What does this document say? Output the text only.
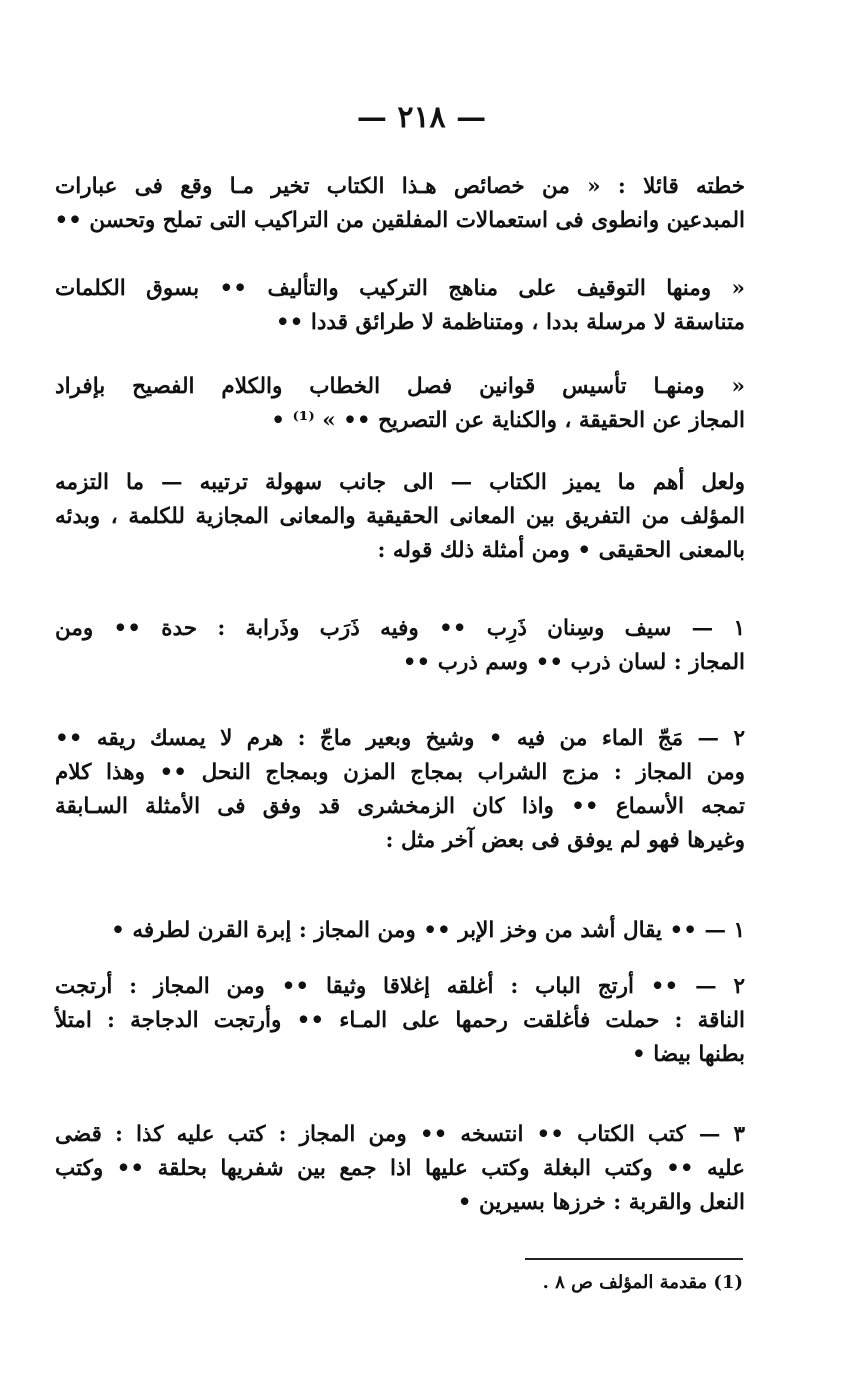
— ٢١٨ —
خطته قائلا : « من خصائص هـذا الكتاب تخير مـا وقع فى عبارات
المبدعين وانطوى فى استعمالات المفلقين من التراكيب التى تملح وتحسن ••
« ومنها التوقيف على مناهج التركيب والتأليف •• بسوق الكلمات
متناسقة لا مرسلة بددا ، ومتناظمة لا طرائق قددا ••
« ومنهـا تأسيس قوانين فصل الخطاب والكلام الفصيح بإفراد
المجاز عن الحقيقة ، والكناية عن التصريح •• » ⁽¹⁾ •
ولعل أهم ما يميز الكتاب — الى جانب سهولة ترتيبه — ما التزمه
المؤلف من التفريق بين المعانى الحقيقية والمعانى المجازية للكلمة ، وبدئه
بالمعنى الحقيقى • ومن أمثلة ذلك قوله :
١ — سيف وسِنان ذَرِب •• وفيه ذَرَب وذَرابة : حدة •• ومن
المجاز : لسان ذرب •• وسم ذرب ••
٢ — مَجّ الماء من فيه • وشيخ وبعير ماجّ : هرم لا يمسك ريقه ••
ومن المجاز : مزج الشراب بمجاج المزن وبمجاج النحل •• وهذا كلام
تمجه الأسماع •• واذا كان الزمخشرى قد وفق فى الأمثلة السـابقة
وغيرها فهو لم يوفق فى بعض آخر مثل :
١ — •• يقال أشد من وخز الإبر •• ومن المجاز : إبرة القرن لطرفه •
٢ — •• أرتج الباب : أغلقه إغلاقا وثيقا •• ومن المجاز : أرتجت
الناقة : حملت فأغلقت رحمها على المـاء •• وأرتجت الدجاجة : امتلأ
بطنها بيضا •
٣ — كتب الكتاب •• انتسخه •• ومن المجاز : كتب عليه كذا : قضى
عليه •• وكتب البغلة وكتب عليها اذا جمع بين شفريها بحلقة •• وكتب
النعل والقربة : خرزها بسيرين •
(1) مقدمة المؤلف ص ٨ .
